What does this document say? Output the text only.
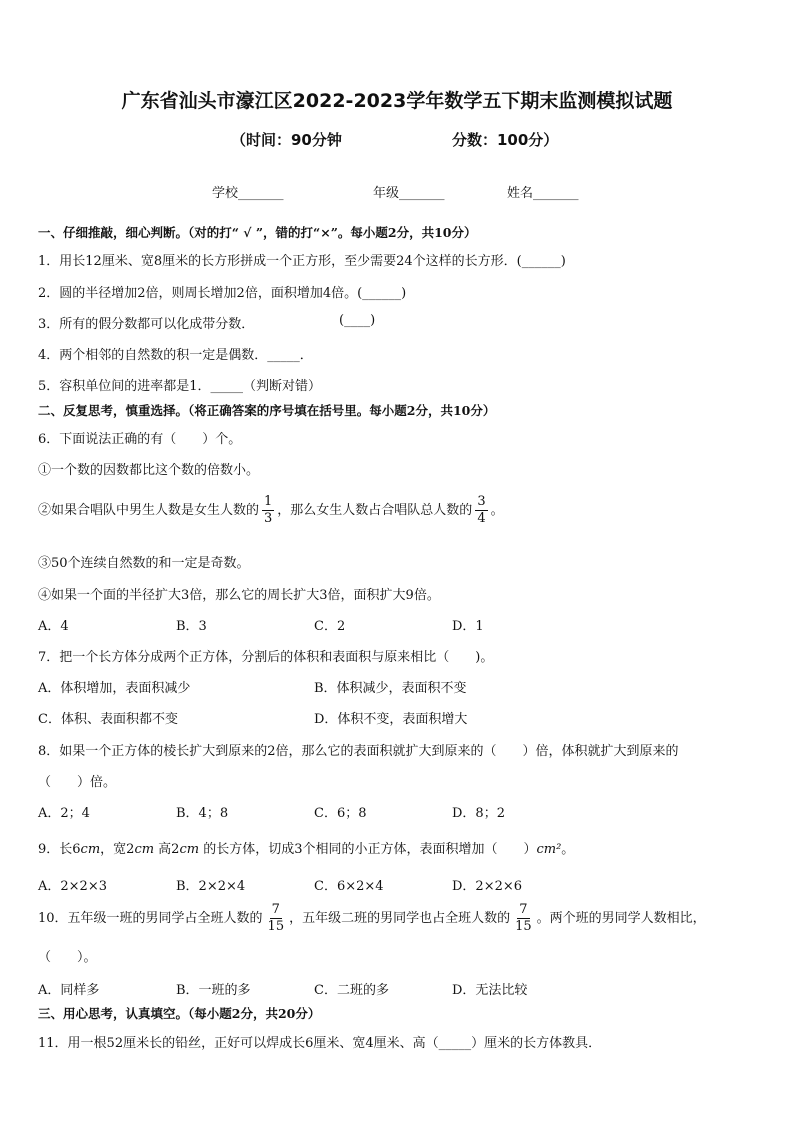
广东省汕头市濠江区2022-2023学年数学五下期末监测模拟试题
（时间：90分钟	分数：100分）
学校_______	年级_______	姓名_______
一、仔细推敲，细心判断。（对的打“ √ ”，错的打“×”。每小题2分，共10分）
1．用长12厘米、宽8厘米的长方形拼成一个正方形，至少需要24个这样的长方形．(______)
2．圆的半径增加2倍，则周长增加2倍，面积增加4倍。(______)
3．所有的假分数都可以化成带分数．	(____)
4．两个相邻的自然数的积一定是偶数．_____．
5．容积单位间的进率都是1．_____（判断对错）
二、反复思考，慎重选择。（将正确答案的序号填在括号里。每小题2分，共10分）
6．下面说法正确的有（　　）个。
①一个数的因数都比这个数的倍数小。
②如果合唱队中男生人数是女生人数的 $\frac{1}{3}$ ，那么女生人数占合唱队总人数的 $\frac{3}{4}$ 。
③50个连续自然数的和一定是奇数。
④如果一个面的半径扩大3倍，那么它的周长扩大3倍，面积扩大9倍。
A．4	B．3	C．2	D．1
7．把一个长方体分成两个正方体，分割后的体积和表面积与原来相比（　　)。
A．体积增加，表面积减少	B．体积减少，表面积不变
C．体积、表面积都不变	D．体积不变，表面积增大
8．如果一个正方体的棱长扩大到原来的2倍，那么它的表面积就扩大到原来的（　　）倍，体积就扩大到原来的
（　　）倍。
A．2；4	B．4；8	C．6；8	D．8；2
9．长6cm，宽2cm 高2cm 的长方体，切成3个相同的小正方体，表面积增加（　　）cm²。
A．2×2×3	B．2×2×4	C．6×2×4	D．2×2×6
10．五年级一班的男同学占全班人数的 $\frac{7}{15}$ ，五年级二班的男同学也占全班人数的 $\frac{7}{15}$ 。两个班的男同学人数相比，
（　　）。
A．同样多	B．一班的多	C．二班的多	D．无法比较
三、用心思考，认真填空。（每小题2分，共20分）
11．用一根52厘米长的铅丝，正好可以焊成长6厘米、宽4厘米、高（_____）厘米的长方体教具．
